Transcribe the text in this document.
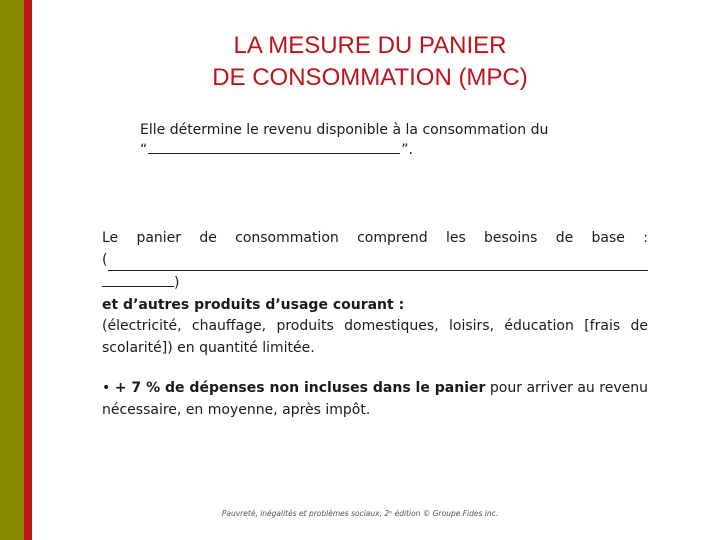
LA MESURE DU PANIER
DE CONSOMMATION (MPC)
Elle détermine le revenu disponible à la consommation du
“	”.
Le panier de consommation comprend les besoins de base :
(
)
et d’autres produits d’usage courant :
(électricité, chauffage, produits domestiques, loisirs, éducation [frais de scolarité]) en quantité limitée.
• + 7 % de dépenses non incluses dans le panier pour arriver au revenu nécessaire, en moyenne, après impôt.
Pauvreté, inégalités et problèmes sociaux, 2ᵉ édition © Groupe Fides inc.
